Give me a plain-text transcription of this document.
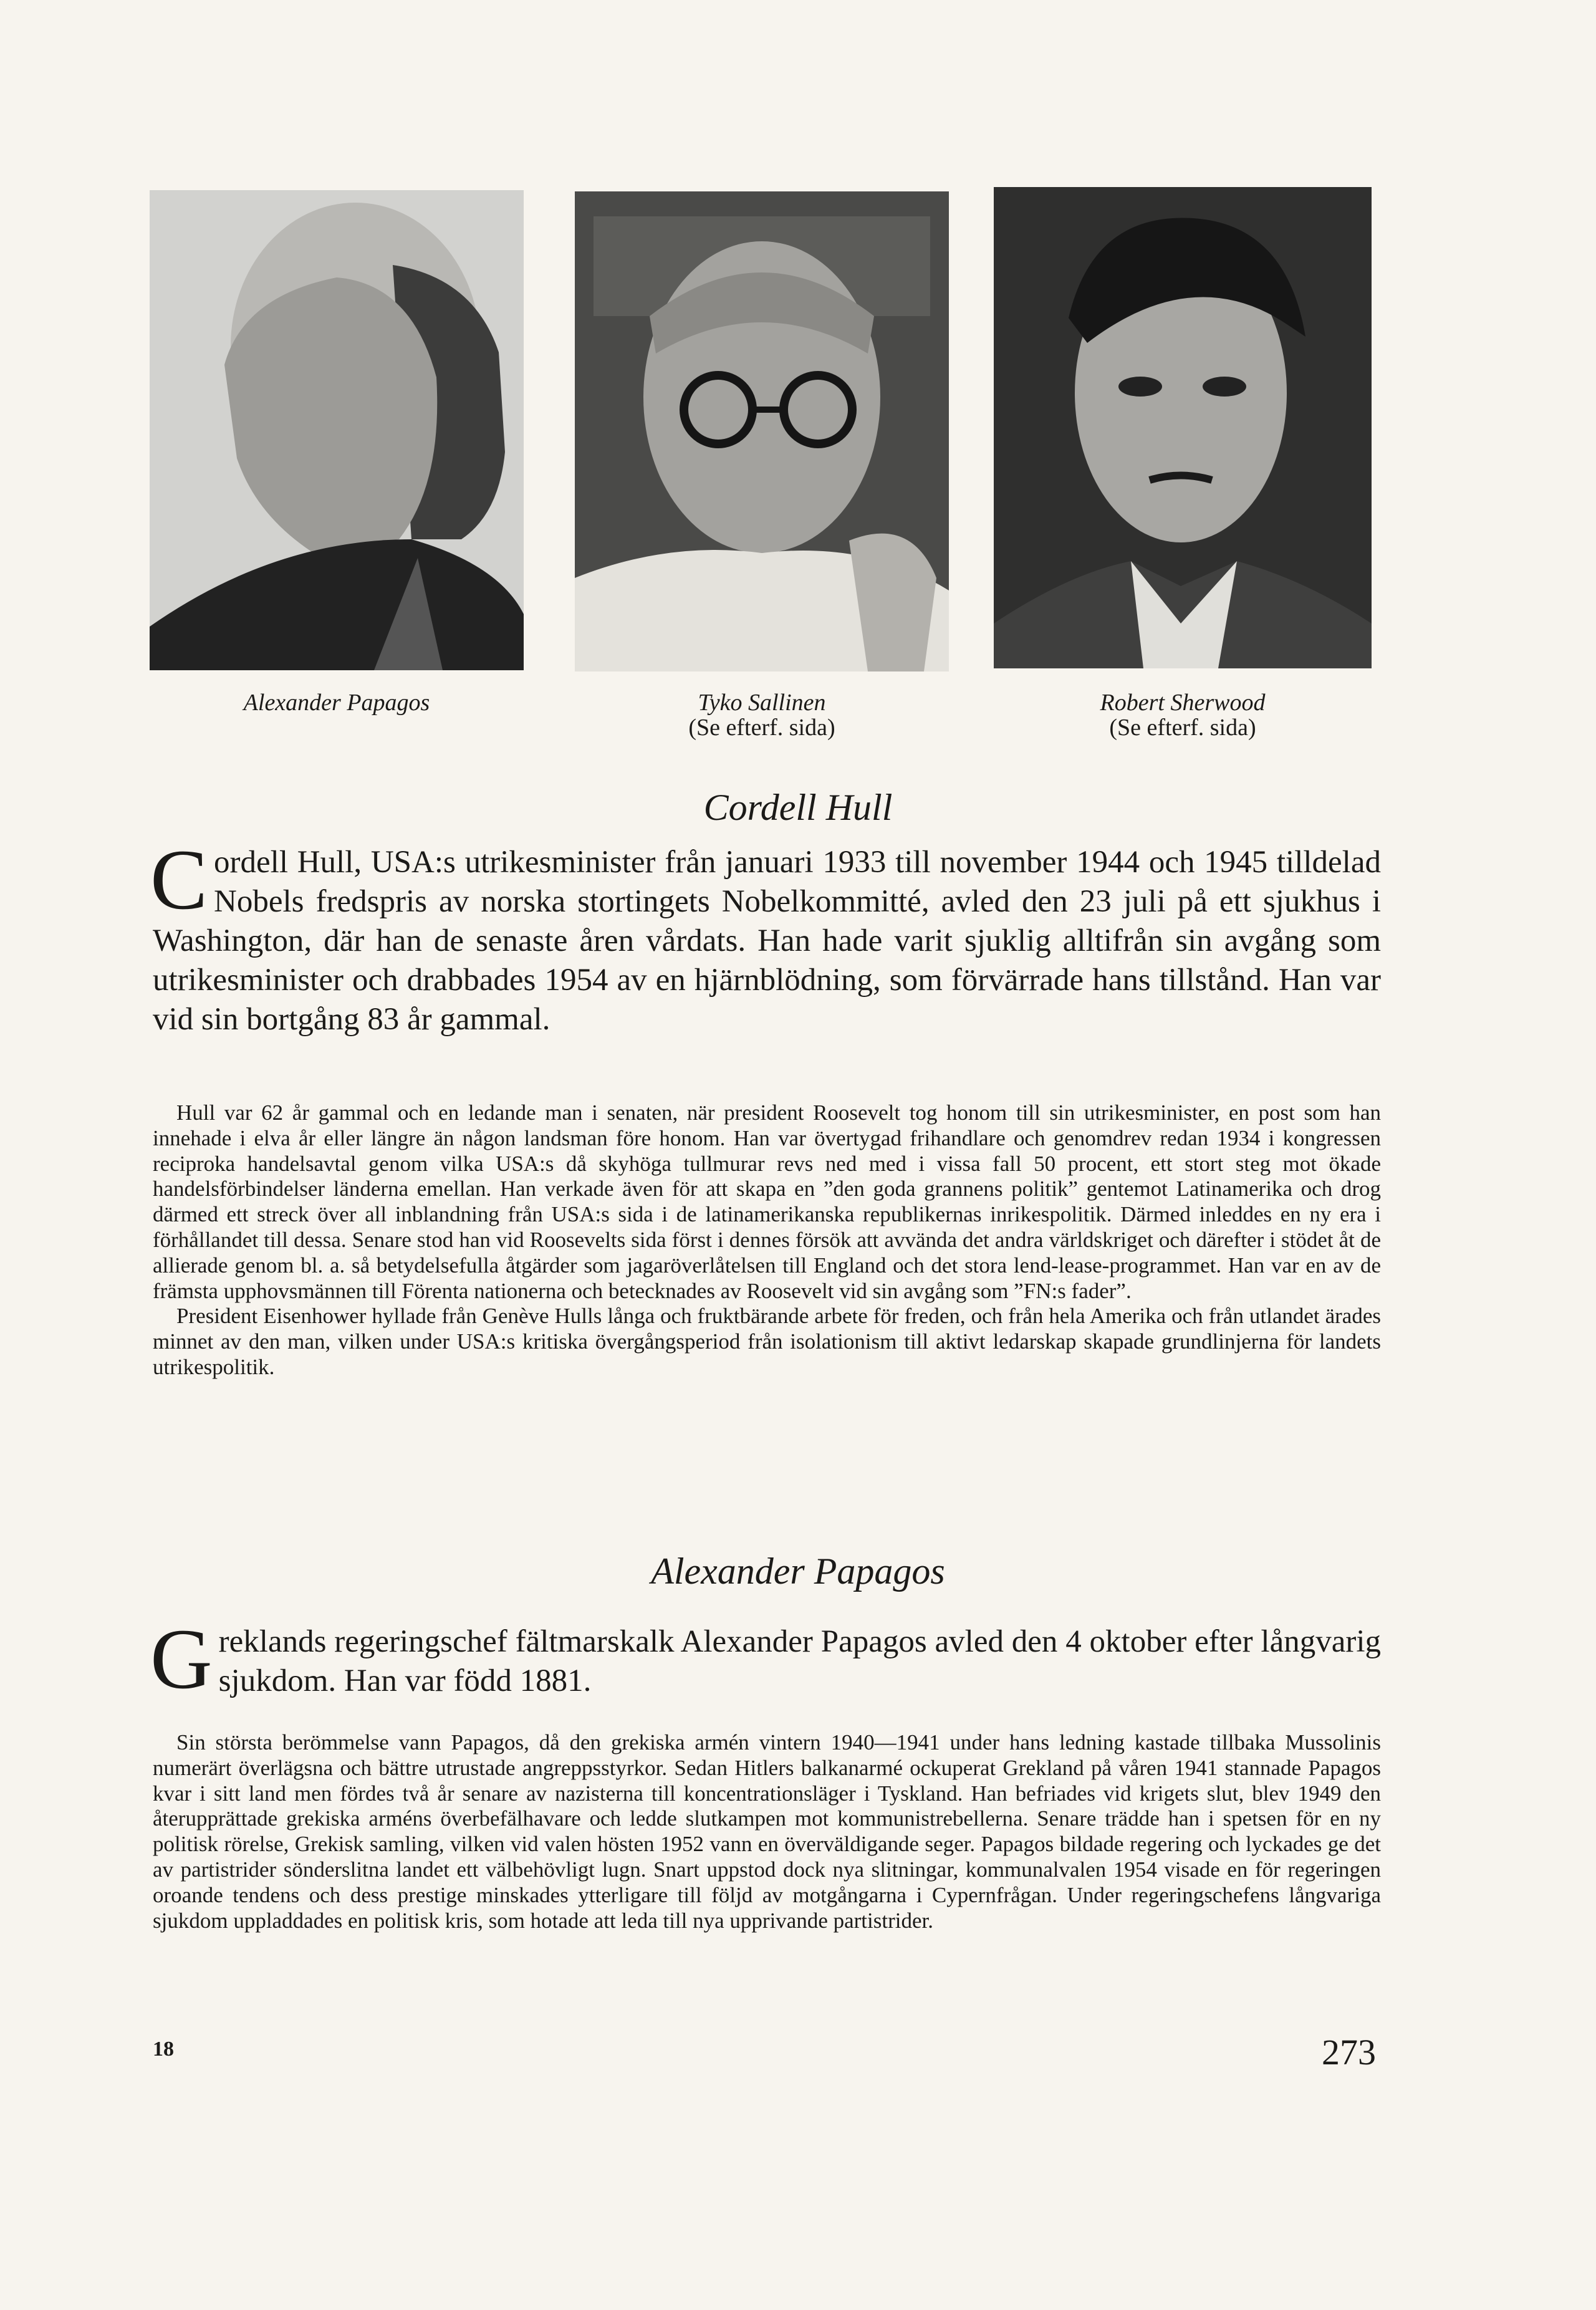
Alexander Papagos	Tyko Sallinen
(Se efterf. sida)
Robert Sherwood
(Se efterf. sida)
Cordell Hull
Cordell Hull, USA:s utrikesminister från januari 1933 till november 1944 och 1945 tilldelad Nobels fredspris av norska stortingets Nobelkommitté, avled den 23 juli på ett sjukhus i Washington, där han de senaste åren vårdats. Han hade varit sjuklig alltifrån sin avgång som utrikesminister och drabbades 1954 av en hjärnblödning, som förvärrade hans tillstånd. Han var vid sin bortgång 83 år gammal.

Hull var 62 år gammal och en ledande man i senaten, när president Roosevelt tog honom till sin utrikesminister, en post som han innehade i elva år eller längre än någon landsman före honom. Han var övertygad frihandlare och genomdrev redan 1934 i kongressen reciproka handelsavtal genom vilka USA:s då skyhöga tullmurar revs ned med i vissa fall 50 procent, ett stort steg mot ökade handelsförbindelser länderna emellan. Han verkade även för att skapa en ”den goda grannens politik” gentemot Latinamerika och drog därmed ett streck över all inblandning från USA:s sida i de latinamerikanska republikernas inrikespolitik. Därmed inleddes en ny era i förhållandet till dessa. Senare stod han vid Roosevelts sida först i dennes försök att avvända det andra världskriget och därefter i stödet åt de allierade genom bl. a. så betydelsefulla åtgärder som jagaröverlåtelsen till England och det stora lend-lease-programmet. Han var en av de främsta upphovsmännen till Förenta nationerna och betecknades av Roosevelt vid sin avgång som ”FN:s fader”.

President Eisenhower hyllade från Genève Hulls långa och fruktbärande arbete för freden, och från hela Amerika och från utlandet ärades minnet av den man, vilken under USA:s kritiska övergångsperiod från isolationism till aktivt ledarskap skapade grundlinjerna för landets utrikespolitik.

Alexander Papagos
Greklands regeringschef fältmarskalk Alexander Papagos avled den 4 oktober efter långvarig sjukdom. Han var född 1881.

Sin största berömmelse vann Papagos, då den grekiska armén vintern 1940—1941 under hans ledning kastade tillbaka Mussolinis numerärt överlägsna och bättre utrustade angreppsstyrkor. Sedan Hitlers balkanarmé ockuperat Grekland på våren 1941 stannade Papagos kvar i sitt land men fördes två år senare av nazisterna till koncentrationsläger i Tyskland. Han befriades vid krigets slut, blev 1949 den återupprättade grekiska arméns överbefälhavare och ledde slutkampen mot kommunistrebellerna. Senare trädde han i spetsen för en ny politisk rörelse, Grekisk samling, vilken vid valen hösten 1952 vann en överväldigande seger. Papagos bildade regering och lyckades ge det av partistrider sönderslitna landet ett välbehövligt lugn. Snart uppstod dock nya slitningar, kommunalvalen 1954 visade en för regeringen oroande tendens och dess prestige minskades ytterligare till följd av motgångarna i Cypernfrågan. Under regeringschefens långvariga sjukdom uppladdades en politisk kris, som hotade att leda till nya upprivande partistrider.

18	273
